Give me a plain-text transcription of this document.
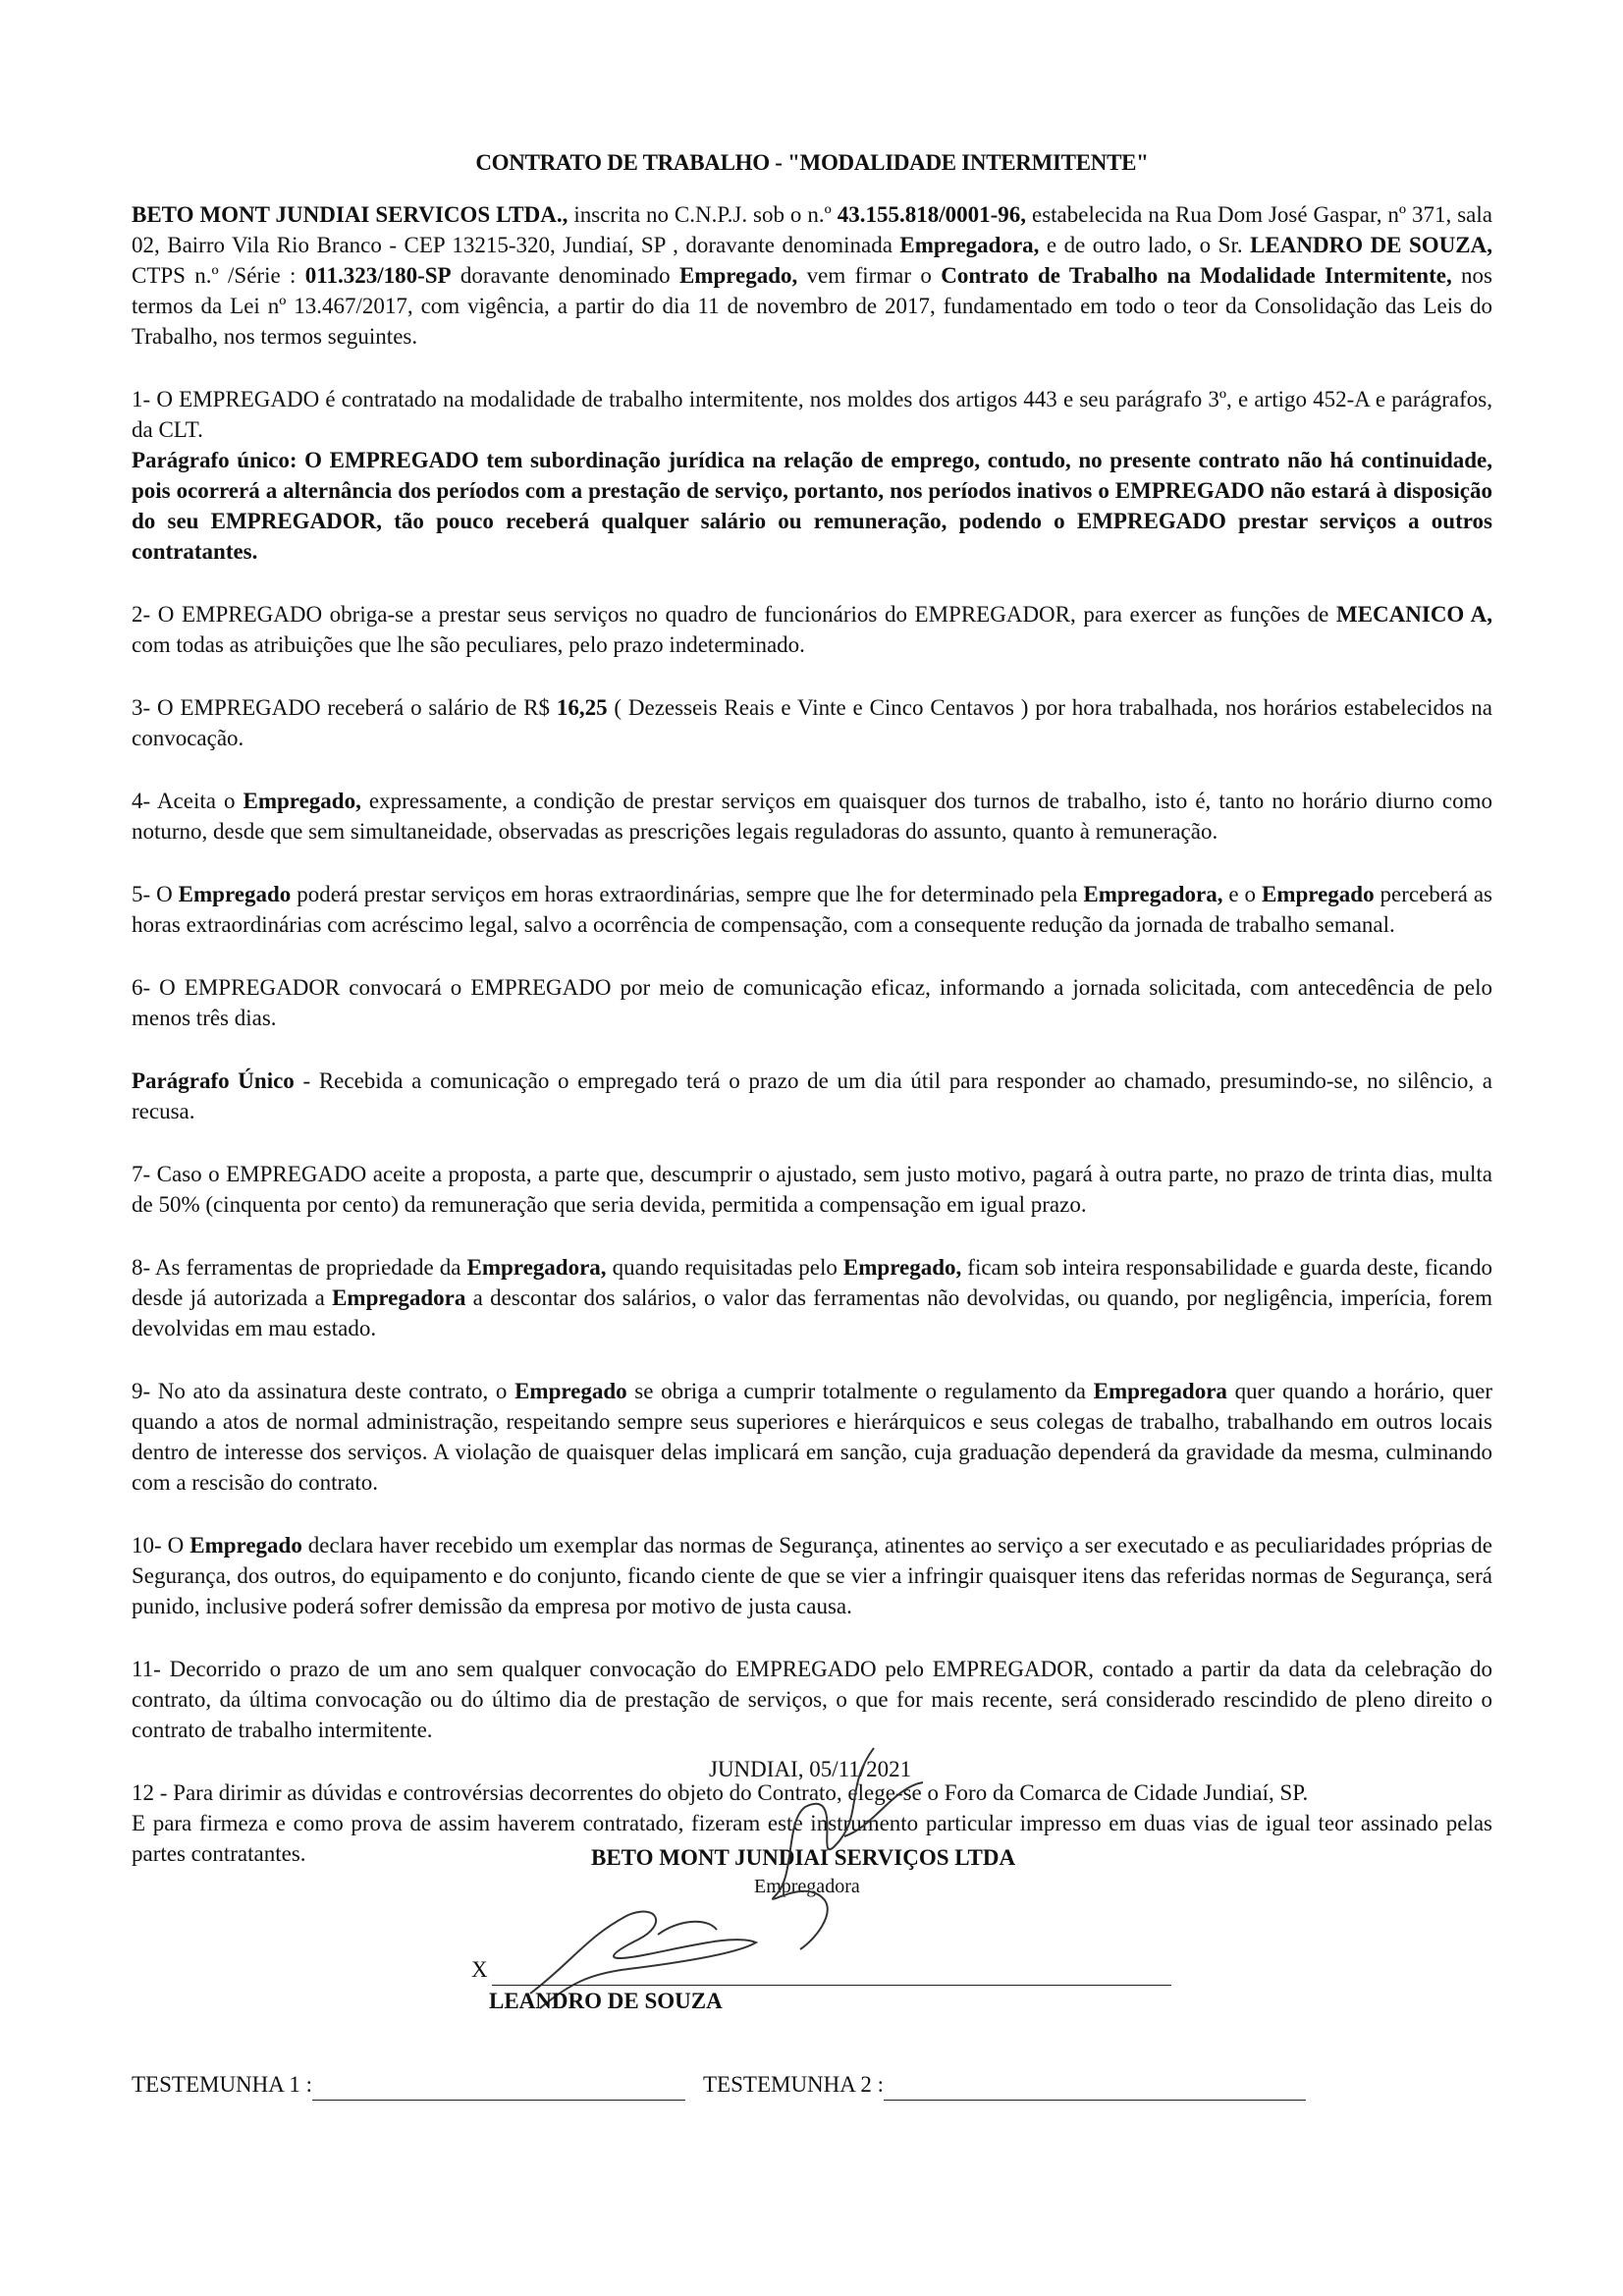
CONTRATO DE TRABALHO - "MODALIDADE INTERMITENTE"

BETO MONT JUNDIAI SERVICOS LTDA., inscrita no C.N.P.J. sob o n.º 43.155.818/0001-96, estabelecida na Rua Dom José Gaspar, nº 371, sala 02, Bairro Vila Rio Branco - CEP 13215-320, Jundiaí, SP , doravante denominada Empregadora, e de outro lado, o Sr. LEANDRO DE SOUZA, CTPS n.º /Série : 011.323/180-SP doravante denominado Empregado, vem firmar o Contrato de Trabalho na Modalidade Intermitente, nos termos da Lei nº 13.467/2017, com vigência, a partir do dia 11 de novembro de 2017, fundamentado em todo o teor da Consolidação das Leis do Trabalho, nos termos seguintes.

1- O EMPREGADO é contratado na modalidade de trabalho intermitente, nos moldes dos artigos 443 e seu parágrafo 3º, e artigo 452-A e parágrafos, da CLT.

Parágrafo único: O EMPREGADO tem subordinação jurídica na relação de emprego, contudo, no presente contrato não há continuidade, pois ocorrerá a alternância dos períodos com a prestação de serviço, portanto, nos períodos inativos o EMPREGADO não estará à disposição do seu EMPREGADOR, tão pouco receberá qualquer salário ou remuneração, podendo o EMPREGADO prestar serviços a outros contratantes.

2- O EMPREGADO obriga-se a prestar seus serviços no quadro de funcionários do EMPREGADOR, para exercer as funções de MECANICO A, com todas as atribuições que lhe são peculiares, pelo prazo indeterminado.

3- O EMPREGADO receberá o salário de R$ 16,25 ( Dezesseis Reais e Vinte e Cinco Centavos ) por hora trabalhada, nos horários estabelecidos na convocação.

4- Aceita o Empregado, expressamente, a condição de prestar serviços em quaisquer dos turnos de trabalho, isto é, tanto no horário diurno como noturno, desde que sem simultaneidade, observadas as prescrições legais reguladoras do assunto, quanto à remuneração.

5- O Empregado poderá prestar serviços em horas extraordinárias, sempre que lhe for determinado pela Empregadora, e o Empregado perceberá as horas extraordinárias com acréscimo legal, salvo a ocorrência de compensação, com a consequente redução da jornada de trabalho semanal.

6- O EMPREGADOR convocará o EMPREGADO por meio de comunicação eficaz, informando a jornada solicitada, com antecedência de pelo menos três dias.

Parágrafo Único - Recebida a comunicação o empregado terá o prazo de um dia útil para responder ao chamado, presumindo-se, no silêncio, a recusa.

7- Caso o EMPREGADO aceite a proposta, a parte que, descumprir o ajustado, sem justo motivo, pagará à outra parte, no prazo de trinta dias, multa de 50% (cinquenta por cento) da remuneração que seria devida, permitida a compensação em igual prazo.

8- As ferramentas de propriedade da Empregadora, quando requisitadas pelo Empregado, ficam sob inteira responsabilidade e guarda deste, ficando desde já autorizada a Empregadora a descontar dos salários, o valor das ferramentas não devolvidas, ou quando, por negligência, imperícia, forem devolvidas em mau estado.

9- No ato da assinatura deste contrato, o Empregado se obriga a cumprir totalmente o regulamento da Empregadora quer quando a horário, quer quando a atos de normal administração, respeitando sempre seus superiores e hierárquicos e seus colegas de trabalho, trabalhando em outros locais dentro de interesse dos serviços. A violação de quaisquer delas implicará em sanção, cuja graduação dependerá da gravidade da mesma, culminando com a rescisão do contrato.

10- O Empregado declara haver recebido um exemplar das normas de Segurança, atinentes ao serviço a ser executado e as peculiaridades próprias de Segurança, dos outros, do equipamento e do conjunto, ficando ciente de que se vier a infringir quaisquer itens das referidas normas de Segurança, será punido, inclusive poderá sofrer demissão da empresa por motivo de justa causa.

11- Decorrido o prazo de um ano sem qualquer convocação do EMPREGADO pelo EMPREGADOR, contado a partir da data da celebração do contrato, da última convocação ou do último dia de prestação de serviços, o que for mais recente, será considerado rescindido de pleno direito o contrato de trabalho intermitente.

12 - Para dirimir as dúvidas e controvérsias decorrentes do objeto do Contrato, elege-se o Foro da Comarca de Cidade Jundiaí, SP.

E para firmeza e como prova de assim haverem contratado, fizeram este instrumento particular impresso em duas vias de igual teor assinado pelas partes contratantes.

JUNDIAI, 05/11/2021
BETO MONT JUNDIAI SERVIÇOS LTDA
Empregadora
X
LEANDRO DE SOUZA
TESTEMUNHA 1 :	TESTEMUNHA 2 :
